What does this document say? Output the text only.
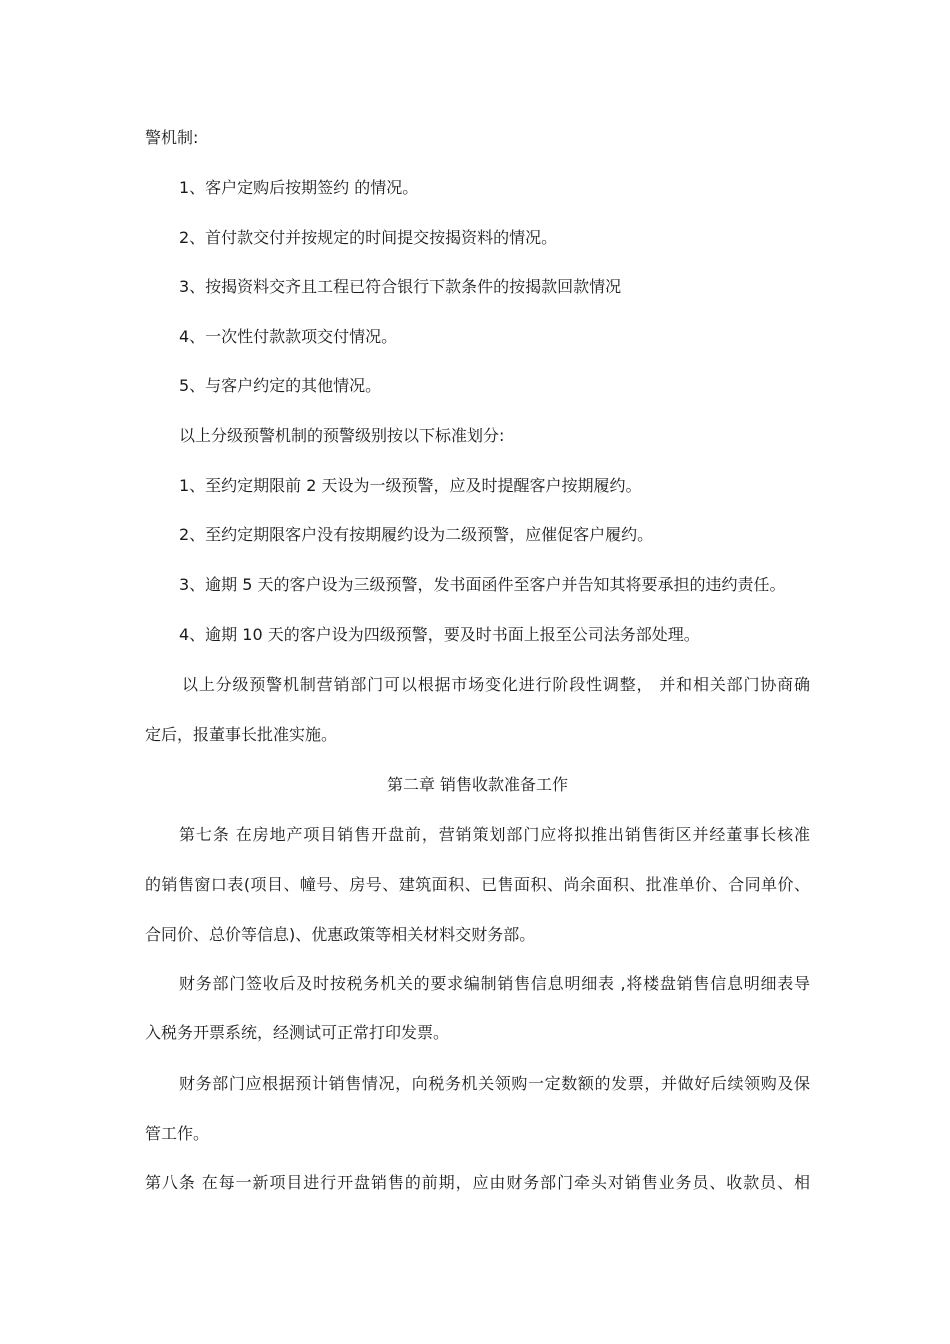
警机制:
1、客户定购后按期签约 的情况。
2、首付款交付并按规定的时间提交按揭资料的情况。
3、按揭资料交齐且工程已符合银行下款条件的按揭款回款情况
4、一次性付款款项交付情况。
5、与客户约定的其他情况。
以上分级预警机制的预警级别按以下标准划分:
1、至约定期限前 2 天设为一级预警，应及时提醒客户按期履约。
2、至约定期限客户没有按期履约设为二级预警，应催促客户履约。
3、逾期 5 天的客户设为三级预警，发书面函件至客户并告知其将要承担的违约责任。
4、逾期 10 天的客户设为四级预警，要及时书面上报至公司法务部处理。
以上分级预警机制营销部门可以根据市场变化进行阶段性调整， 并和相关部门协商确
定后，报董事长批准实施。
第二章 销售收款准备工作
第七条 在房地产项目销售开盘前，营销策划部门应将拟推出销售街区并经董事长核准
的销售窗口表(项目、幢号、房号、建筑面积、已售面积、尚余面积、批准单价、合同单价、
合同价、总价等信息)、优惠政策等相关材料交财务部。
财务部门签收后及时按税务机关的要求编制销售信息明细表 ,将楼盘销售信息明细表导
入税务开票系统，经测试可正常打印发票。
财务部门应根据预计销售情况，向税务机关领购一定数额的发票，并做好后续领购及保
管工作。
第八条 在每一新项目进行开盘销售的前期，应由财务部门牵头对销售业务员、收款员、相
